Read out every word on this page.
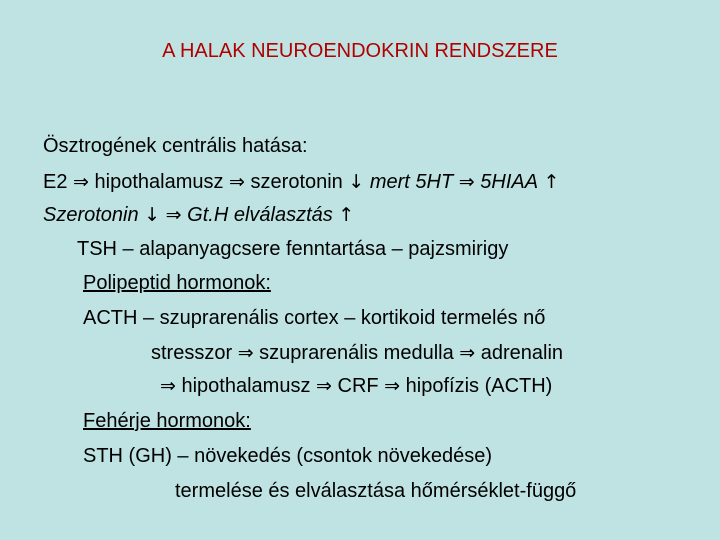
A HALAK NEUROENDOKRIN RENDSZERE
Ösztrogének centrális hatása:
E2 ⇒ hipothalamusz ⇒ szerotonin ↓ mert 5HT ⇒ 5HIAA ↑
Szerotonin ↓ ⇒ Gt.H elválasztás ↑
TSH – alapanyagcsere fenntartása – pajzsmirigy
Polipeptid hormonok:
ACTH – szuprarenális cortex – kortikoid termelés nő
stresszor ⇒ szuprarenális medulla ⇒ adrenalin
⇒ hipothalamusz ⇒ CRF ⇒ hipofízis (ACTH)
Fehérje hormonok:
STH (GH) – növekedés (csontok növekedése)
termelése és elválasztása hőmérséklet-függő
